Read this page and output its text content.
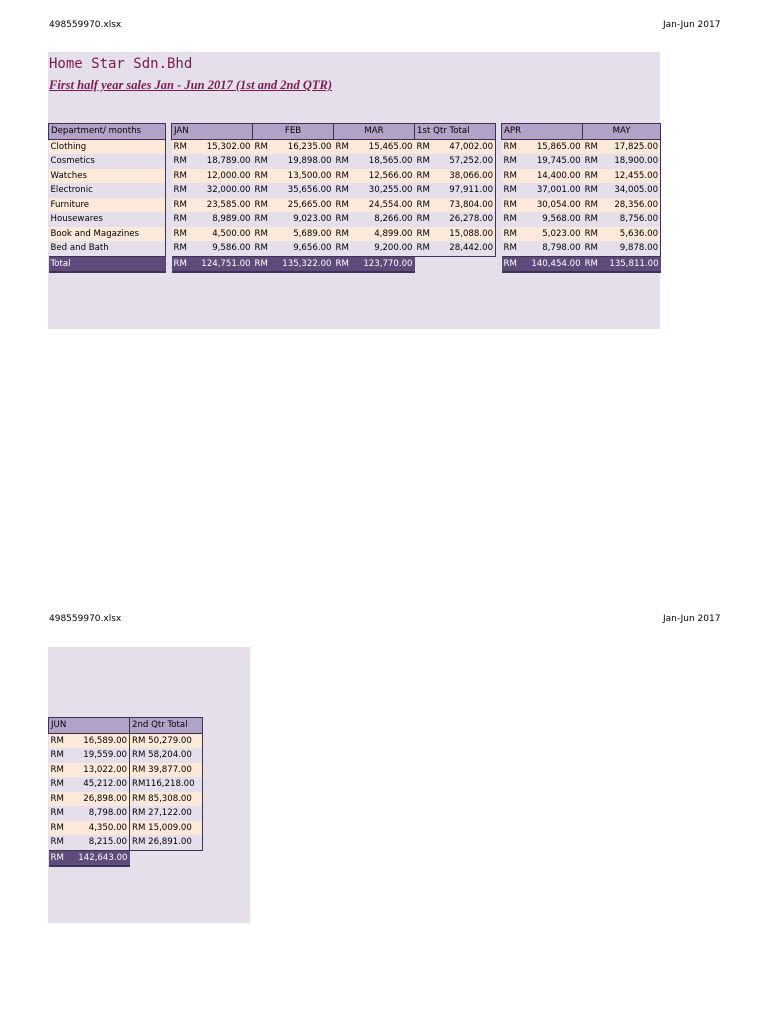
498559970.xlsx	Jan-Jun 2017
Home Star Sdn.Bhd
First half year sales Jan - Jun 2017 (1st and 2nd QTR)
Department/ months		JAN		FEB		MAR		1st Qtr Total			APR		MAY	
Clothing		RM	15,302.00	RM	16,235.00	RM	15,465.00	RM	47,002.00		RM	15,865.00	RM	17,825.00
Cosmetics		RM	18,789.00	RM	19,898.00	RM	18,565.00	RM	57,252.00		RM	19,745.00	RM	18,900.00
Watches		RM	12,000.00	RM	13,500.00	RM	12,566.00	RM	38,066.00		RM	14,400.00	RM	12,455.00
Electronic		RM	32,000.00	RM	35,656.00	RM	30,255.00	RM	97,911.00		RM	37,001.00	RM	34,005.00
Furniture		RM	23,585.00	RM	25,665.00	RM	24,554.00	RM	73,804.00		RM	30,054.00	RM	28,356.00
Housewares		RM	8,989.00	RM	9,023.00	RM	8,266.00	RM	26,278.00		RM	9,568.00	RM	8,756.00
Book and Magazines		RM	4,500.00	RM	5,689.00	RM	4,899.00	RM	15,088.00		RM	5,023.00	RM	5,636.00
Bed and Bath		RM	9,586.00	RM	9,656.00	RM	9,200.00	RM	28,442.00		RM	8,798.00	RM	9,878.00
Total		RM	124,751.00	RM	135,322.00	RM	123,770.00				RM	140,454.00	RM	135,811.00
498559970.xlsx	Jan-Jun 2017
JUN		2nd Qtr Total
RM	16,589.00	RM 50,279.00
RM	19,559.00	RM 58,204.00
RM	13,022.00	RM 39,877.00
RM	45,212.00	RM116,218.00
RM	26,898.00	RM 85,308.00
RM	8,798.00	RM 27,122.00
RM	4,350.00	RM 15,009.00
RM	8,215.00	RM 26,891.00
RM	142,643.00	
